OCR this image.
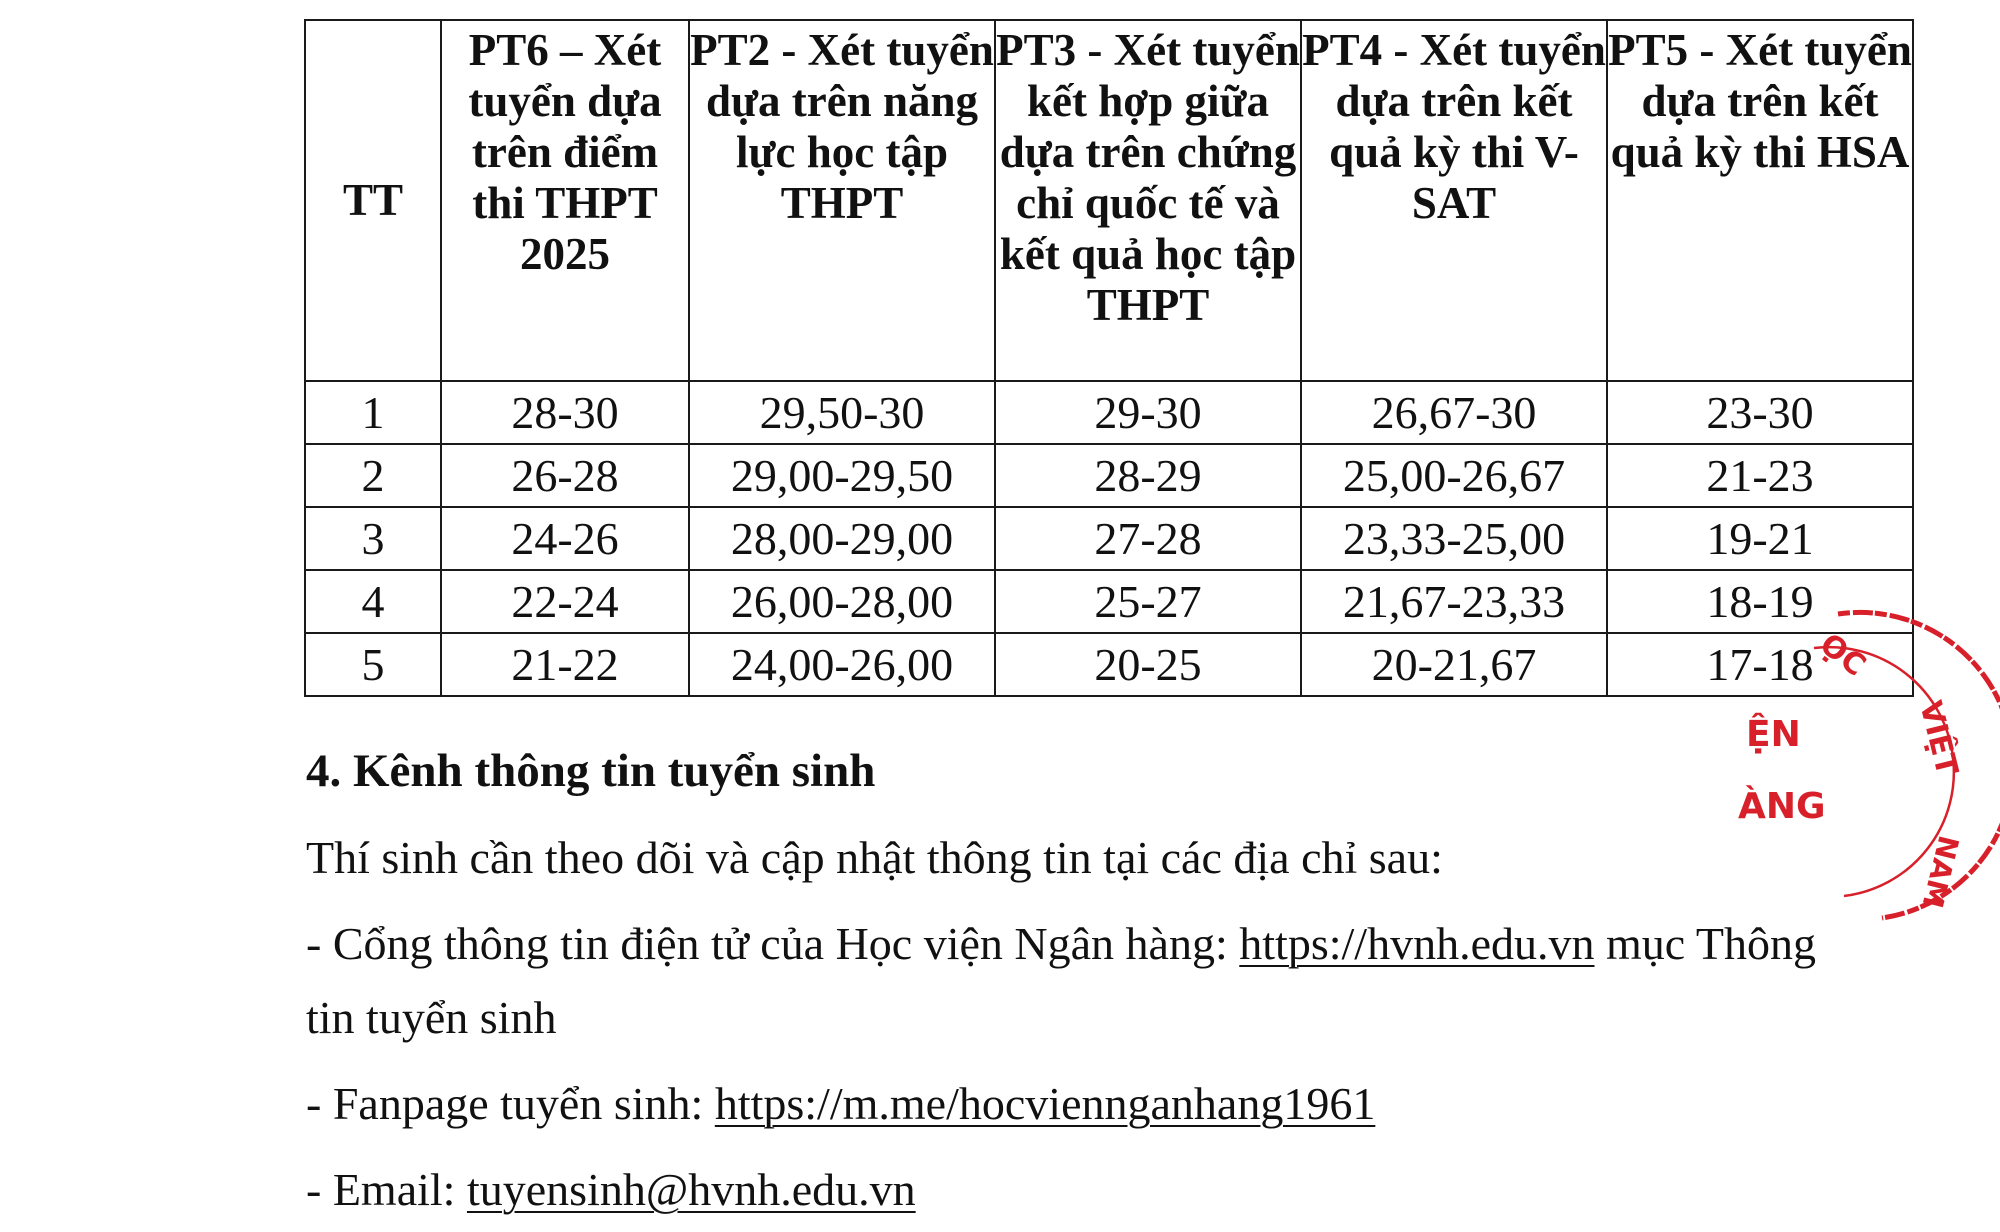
TT	PT6 – Xét tuyển dựa trên điểm thi THPT 2025	PT2 - Xét tuyển dựa trên năng lực học tập THPT	PT3 - Xét tuyển kết hợp giữa dựa trên chứng chỉ quốc tế và kết quả học tập THPT	PT4 - Xét tuyển dựa trên kết quả kỳ thi V-SAT	PT5 - Xét tuyển dựa trên kết quả kỳ thi HSA
1	28-30	29,50-30	29-30	26,67-30	23-30
2	26-28	29,00-29,50	28-29	25,00-26,67	21-23
3	24-26	28,00-29,00	27-28	23,33-25,00	19-21
4	22-24	26,00-28,00	25-27	21,67-23,33	18-19
5	21-22	24,00-26,00	20-25	20-21,67	17-18
4. Kênh thông tin tuyển sinh

Thí sinh cần theo dõi và cập nhật thông tin tại các địa chỉ sau:

- Cổng thông tin điện tử của Học viện Ngân hàng: https://hvnh.edu.vn mục Thông

tin tuyển sinh

- Fanpage tuyển sinh: https://m.me/hocviennganhang1961

- Email: tuyensinh@hvnh.edu.vn

ỌC
VIỆT
NAM
ỆN
ÀNG
